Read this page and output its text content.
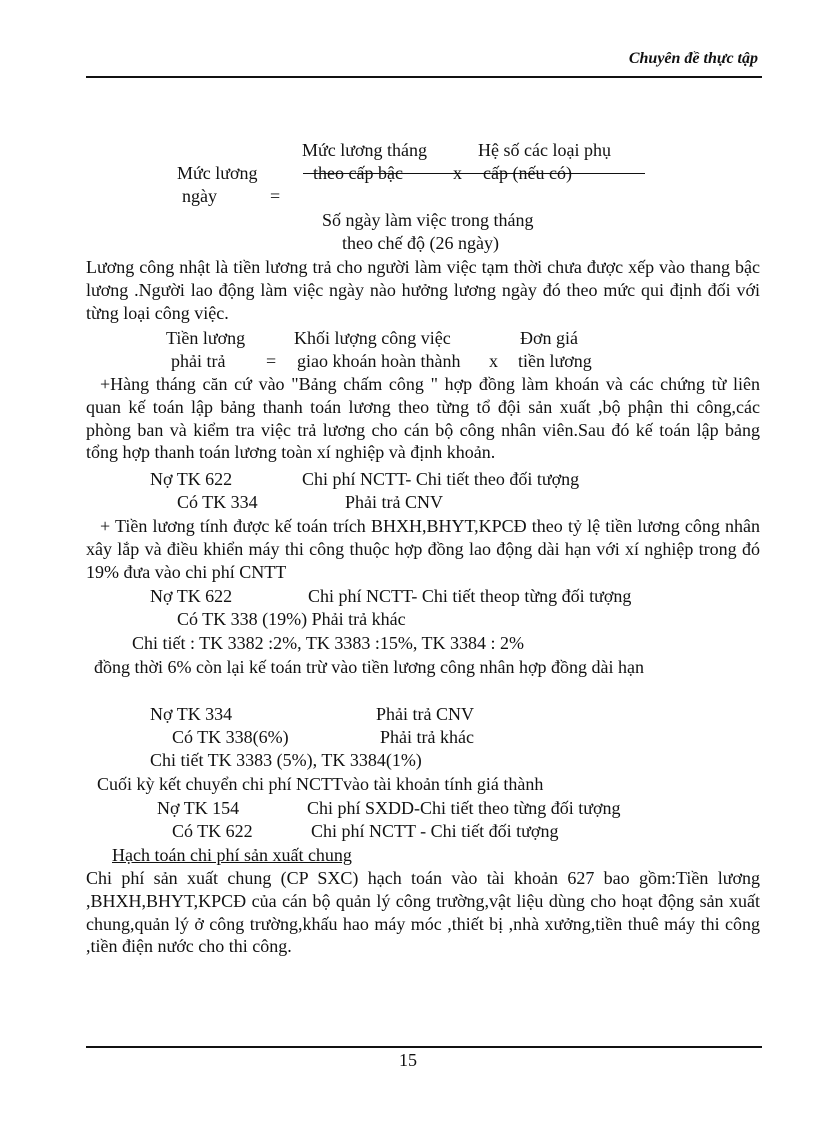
Chuyên đề thực tập
Mức lương tháng	Hệ số các loại phụ
Mức lương	theo cấp bậc	x cấp (nếu có)
ngày	=
Số ngày làm việc trong tháng
theo chế độ (26 ngày)
Lương công nhật là tiền lương trả cho người làm việc tạm thời chưa được xếp vào thang bậc lương .Người lao động làm việc ngày nào hưởng lương ngày đó theo mức qui định đối với từng loại công việc.
Tiền lương	Khối lượng công việc	Đơn giá
phải trả = giao khoán hoàn thành x tiền lương
+Hàng tháng căn cứ vào "Bảng chấm công " hợp đồng làm khoán và các chứng từ liên quan kế toán lập bảng thanh toán lương theo từng tổ đội sản xuất ,bộ phận thi công,các phòng ban và kiểm tra việc trả lương cho cán bộ công nhân viên.Sau đó kế toán lập bảng tổng hợp thanh toán lương toàn xí nghiệp và định khoản.
Nợ TK 622	Chi phí NCTT- Chi tiết theo đối tượng
Có TK 334	Phải trả CNV
+ Tiền lương tính được kế toán trích BHXH,BHYT,KPCĐ theo tỷ lệ tiền lương công nhân xây lắp và điều khiển máy thi công thuộc hợp đồng lao động dài hạn với xí nghiệp trong đó 19% đưa vào chi phí CNTT
Nợ TK 622	Chi phí NCTT- Chi tiết theop từng đối tượng
Có TK 338 (19%) Phải trả khác
Chi tiết : TK 3382 :2%, TK 3383 :15%, TK 3384 : 2%
đồng thời 6% còn lại kế toán trừ vào tiền lương công nhân hợp đồng dài hạn
Nợ TK 334	Phải trả CNV
Có TK 338(6%)	Phải trả khác
Chi tiết TK 3383 (5%), TK 3384(1%)
Cuối kỳ kết chuyển chi phí NCTTvào tài khoản tính giá thành
Nợ TK 154	Chi phí SXDD-Chi tiết theo từng đối tượng
Có TK 622	Chi phí NCTT - Chi tiết đối tượng
Hạch toán chi phí sản xuất chung
Chi phí sản xuất chung (CP SXC) hạch toán vào tài khoản 627 bao gồm:Tiền lương ,BHXH,BHYT,KPCĐ của cán bộ quản lý công trường,vật liệu dùng cho hoạt động sản xuất chung,quản lý ở công trường,khấu hao máy móc ,thiết bị ,nhà xưởng,tiền thuê máy thi công ,tiền điện nước cho thi công.
15
